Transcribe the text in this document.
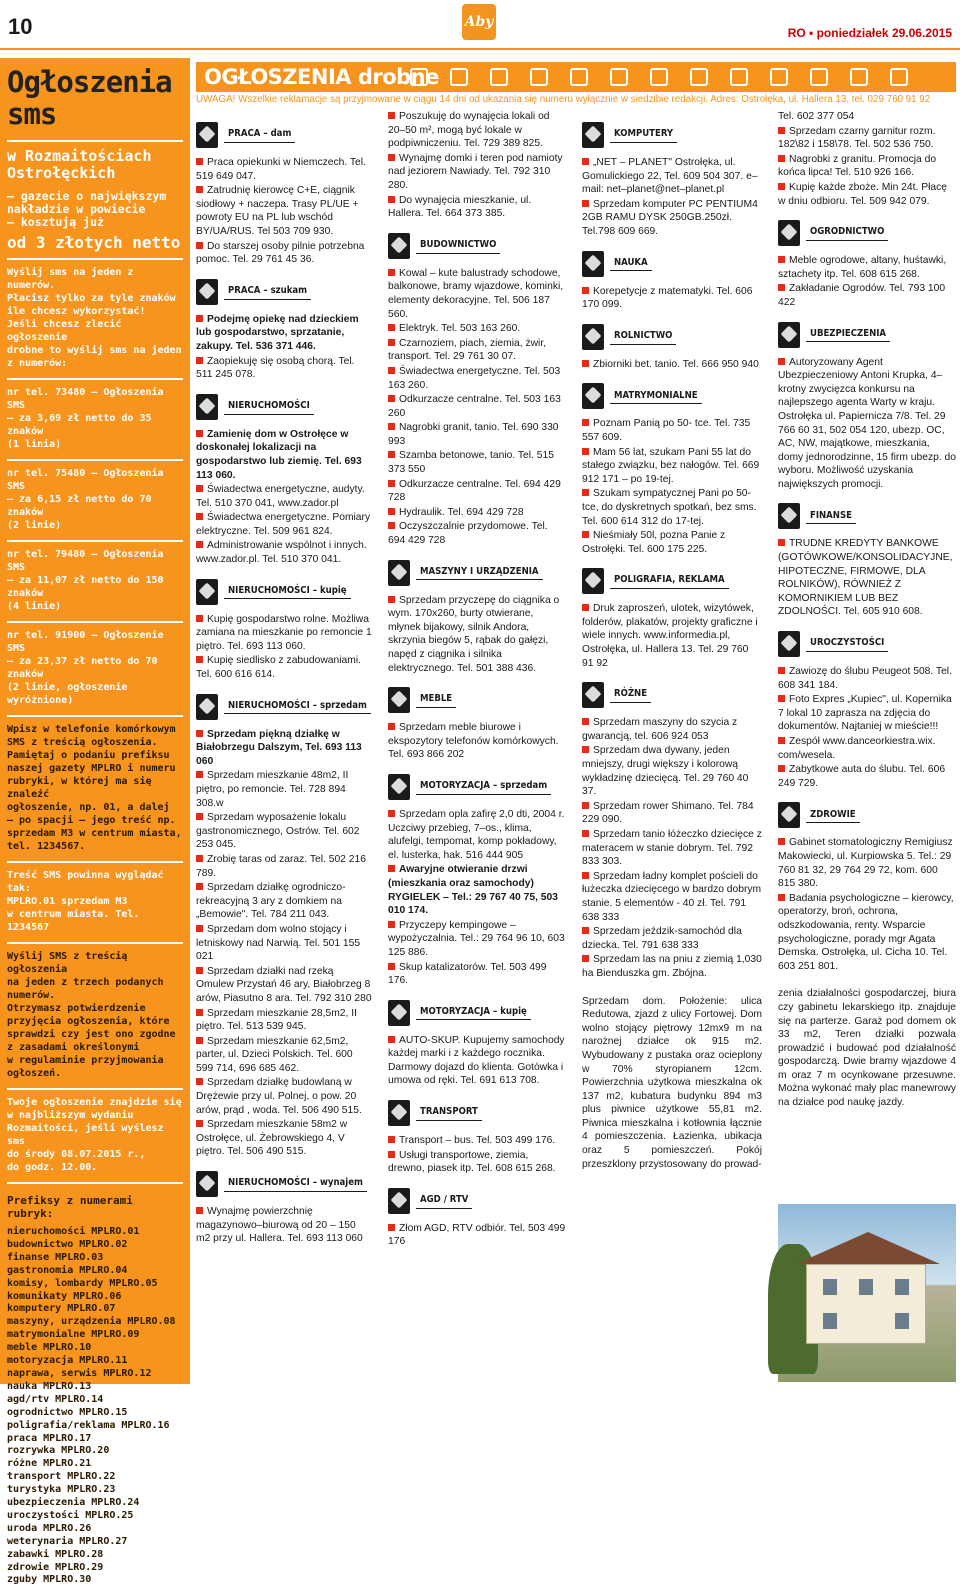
10	Aby
RO • poniedziałek 29.06.2015
Ogłoszenia sms
w Rozmaitościach
Ostrołęckich
– gazecie o największym
nakładzie w powiecie
– kosztują już
od 3 złotych netto

Wyślij sms na jeden z numerów.
Płacisz tylko za tyle znaków
ile chcesz wykorzystać!
Jeśli chcesz zlecić ogłoszenie
drobne to wyślij sms na jeden
z numerów:

nr tel. 73480 – Ogłoszenia SMS
– za 3,69 zł netto do 35 znaków
(1 linia)

nr tel. 75480 – Ogłoszenia SMS
– za 6,15 zł netto do 70 znaków
(2 linie)

nr tel. 79480 – Ogłoszenia SMS
– za 11,07 zł netto do 150 znaków
(4 linie)

nr tel. 91900 – Ogłoszenie SMS
– za 23,37 zł netto do 70 znaków
(2 linie, ogłoszenie wyróżnione)

Wpisz w telefonie komórkowym
SMS z treścią ogłoszenia.
Pamiętaj o podaniu prefiksu
naszej gazety MPLRO i numeru
rubryki, w której ma się znaleźć
ogłoszenie, np. 01, a dalej
– po spacji – jego treść np.
sprzedam M3 w centrum miasta,
tel. 1234567.

Treść SMS powinna wyglądać tak:
MPLRO.01 sprzedam M3
w centrum miasta. Tel. 1234567

Wyślij SMS z treścią ogłoszenia
na jeden z trzech podanych
numerów.
Otrzymasz potwierdzenie
przyjęcia ogłoszenia, które
sprawdzi czy jest ono zgodne
z zasadami określonymi
w regulaminie przyjmowania
ogłoszeń.

Twoje ogłoszenie znajdzie się
w najbliższym wydaniu
Rozmaitości, jeśli wyślesz sms
do środy 08.07.2015 r.,
do godz. 12.00.

Prefiksy z numerami rubryk:

nieruchomości MPLRO.01
budownictwo MPLRO.02
finanse MPLRO.03
gastronomia MPLRO.04
komisy, lombardy MPLRO.05
komunikaty MPLRO.06
komputery MPLRO.07
maszyny, urządzenia MPLRO.08
matrymonialne MPLRO.09
meble MPLRO.10
motoryzacja MPLRO.11
naprawa, serwis MPLRO.12
nauka MPLRO.13
agd/rtv MPLRO.14
ogrodnictwo MPLRO.15
poligrafia/reklama MPLRO.16
praca MPLRO.17
rozrywka MPLRO.20
różne MPLRO.21
transport MPLRO.22
turystyka MPLRO.23
ubezpieczenia MPLRO.24
uroczystości MPLRO.25
uroda MPLRO.26
weterynaria MPLRO.27
zabawki MPLRO.28
zdrowie MPLRO.29
zguby MPLRO.30
OGŁOSZENIA drobne
UWAGA! Wszelkie reklamacje są przyjmowane w ciągu 14 dni od ukazania się numeru wyłącznie w siedzibie redakcji. Adres: Ostrołęka, ul. Hallera 13, tel. 029 760 91 92
PRACA – dam
Praca opiekunki w Niemczech. Tel. 519 649 047.
Zatrudnię kierowcę C+E, ciągnik siodłowy + naczepa. Trasy PL/UE + powroty EU na PL lub wschód BY/UA/RUS. Tel 503 709 930.
Do starszej osoby pilnie potrzebna pomoc. Tel. 29 761 45 36.
PRACA – szukam
Podejmę opiekę nad dzieckiem lub gospodarstwo, sprzatanie, zakupy. Tel. 536 371 446.
Zaopiekuję się osobą chorą. Tel. 511 245 078.
NIERUCHOMOŚCI
Zamienię dom w Ostrołęce w doskonałej lokalizacji na gospodarstwo lub ziemię. Tel. 693 113 060.
Świadectwa energetyczne, audyty. Tel. 510 370 041, www.zador.pl
Świadectwa energetyczne. Pomiary elektryczne. Tel. 509 961 824.
Administrowanie wspólnot i innych. www.zador.pl. Tel. 510 370 041.
NIERUCHOMOŚCI – kupię
Kupię gospodarstwo rolne. Możliwa zamiana na mieszkanie po remoncie 1 piętro. Tel. 693 113 060.
Kupię siedlisko z zabudowaniami. Tel. 600 616 614.
NIERUCHOMOŚCI – sprzedam
Sprzedam piękną działkę w Białobrzegu Dalszym, Tel. 693 113 060
Sprzedam mieszkanie 48m2, II piętro, po remoncie. Tel. 728 894 308.w
Sprzedam wyposażenie lokalu gastronomicznego, Ostrów. Tel. 602 253 045.
Zrobię taras od zaraz. Tel. 502 216 789.
Sprzedam działkę ogrodniczo-rekreacyjną 3 ary z domkiem na „Bemowie". Tel. 784 211 043.
Sprzedam dom wolno stojący i letniskowy nad Narwią. Tel. 501 155 021
Sprzedam działki nad rzeką Omulew Przystań 46 ary, Białobrzeg 8 arów, Piasutno 8 ara. Tel. 792 310 280
Sprzedam mieszkanie 28,5m2, II piętro. Tel. 513 539 945.
Sprzedam mieszkanie 62,5m2, parter, ul. Dzieci Polskich. Tel. 600 599 714, 696 685 462.
Sprzedam działkę budowlaną w Drężewie przy ul. Polnej, o pow. 20 arów, prąd , woda. Tel. 506 490 515.
Sprzedam mieszkanie 58m2 w Ostrołęce, ul. Żebrowskiego 4, V piętro. Tel. 506 490 515.
NIERUCHOMOŚCI – wynajem
Wynajmę powierzchnię magazynowo–biurową od 20 – 150 m2 przy ul. Hallera. Tel. 693 113 060
Poszukuję do wynajęcia lokali od 20–50 m², mogą być lokale w podpiwniczeniu. Tel. 729 389 825.
Wynajmę domki i teren pod namioty nad jeziorem Nawiady. Tel. 792 310 280.
Do wynajęcia mieszkanie, ul. Hallera. Tel. 664 373 385.
BUDOWNICTWO
Kowal – kute balustrady schodowe, balkonowe, bramy wjazdowe, kominki, elementy dekoracyjne. Tel. 506 187 560.
Elektryk. Tel. 503 163 260.
Czarnoziem, piach, ziemia, żwir, transport. Tel. 29 761 30 07.
Świadectwa energetyczne. Tel. 503 163 260.
Odkurzacze centralne. Tel. 503 163 260
Nagrobki granit, tanio. Tel. 690 330 993
Szamba betonowe, tanio. Tel. 515 373 550
Odkurzacze centralne. Tel. 694 429 728
Hydraulik. Tel. 694 429 728
Oczyszczalnie przydomowe. Tel. 694 429 728
MASZYNY I URZĄDZENIA
Sprzedam przyczepę do ciągnika o wym. 170x260, burty otwierane, młynek bijakowy, silnik Andora, skrzynia biegów 5, rąbak do gałęzi, napęd z ciągnika i silnika elektrycznego. Tel. 501 388 436.
MEBLE
Sprzedam meble biurowe i ekspozytory telefonów komórkowych. Tel. 693 866 202
MOTORYZACJA – sprzedam
Sprzedam opla zafirę 2,0 dti, 2004 r. Uczciwy przebieg, 7–os., klima, alufelgi, tempomat, komp pokładowy, el. lusterka, hak. 516 444 905
Awaryjne otwieranie drzwi (mieszkania oraz samochody) RYGIELEK – Tel.: 29 767 40 75, 503 010 174.
Przyczepy kempingowe – wypożyczalnia. Tel.: 29 764 96 10, 603 125 886.
Skup katalizatorów. Tel. 503 499 176.
MOTORYZACJA – kupię
AUTO-SKUP. Kupujemy samochody każdej marki i z każdego rocznika. Darmowy dojazd do klienta. Gotówka i umowa od ręki. Tel. 691 613 708.
TRANSPORT
Transport – bus. Tel. 503 499 176.
Usługi transportowe, ziemia, drewno, piasek itp. Tel. 608 615 268.
AGD / RTV
Złom AGD, RTV odbiór. Tel. 503 499 176
KOMPUTERY
„NET – PLANET" Ostrołęka, ul. Gomulickiego 22, Tel. 609 504 307. e–mail: net–planet@net–planet.pl
Sprzedam komputer PC PENTIUM4 2GB RAMU DYSK 250GB.250zł. Tel.798 609 669.
NAUKA
Korepetycje z matematyki. Tel. 606 170 099.
ROLNICTWO
Zbiorniki bet. tanio. Tel. 666 950 940
MATRYMONIALNE
Poznam Panią po 50- tce. Tel. 735 557 609.
Mam 56 lat, szukam Pani 55 lat do stałego związku, bez nałogów. Tel. 669 912 171 – po 19-tej.
Szukam sympatycznej Pani po 50-tce, do dyskretnych spotkań, bez sms. Tel. 600 614 312 do 17-tej.
Nieśmiały 50l, pozna Panie z Ostrołęki. Tel. 600 175 225.
POLIGRAFIA, REKLAMA
Druk zaproszeń, ulotek, wizytówek, folderów, plakatów, projekty graficzne i wiele innych. www.informedia.pl, Ostrołęka, ul. Hallera 13. Tel. 29 760 91 92
RÓŻNE
Sprzedam maszyny do szycia z gwarancją, tel. 606 924 053
Sprzedam dwa dywany, jeden mniejszy, drugi większy i kolorową wykładzinę dziecięcą. Tel. 29 760 40 37.
Sprzedam rower Shimano. Tel. 784 229 090.
Sprzedam tanio łóżeczko dziecięce z materacem w stanie dobrym. Tel. 792 833 303.
Sprzedam ładny komplet pościeli do łużeczka dziecięcego w bardzo dobrym stanie. 5 elementów - 40 zł. Tel. 791 638 333
Sprzedam jeździk-samochód dla dziecka. Tel. 791 638 333
Sprzedam las na pniu z ziemią 1,030 ha Bienduszka gm. Zbójna.
Sprzedam dom. Położenie: ulica Redutowa, zjazd z ulicy Fortowej. Dom wolno stojący piętrowy 12mx9 m na narożnej działce ok 915 m2. Wybudowany z pustaka oraz ocieplony w 70% styropianem 12cm. Powierzchnia użytkowa mieszkalna ok 137 m2, kubatura budynku 894 m3 plus piwnice użytkowe 55,81 m2. Piwnica mieszkalna i kotłownia łącznie 4 pomieszczenia. Łazienka, ubikacja oraz 5 pomieszczeń. Pokój przeszklony przystosowany do prowad-
Tel. 602 377 054
Sprzedam czarny garnitur rozm. 182\82 i 158\78. Tel. 502 536 750.
Nagrobki z granitu. Promocja do końca lipca! Tel. 510 926 166.
Kupię każde zboże. Min 24t. Płacę w dniu odbioru. Tel. 509 942 079.
OGRODNICTWO
Meble ogrodowe, altany, huśtawki, sztachety itp. Tel. 608 615 268.
Zakładanie Ogrodów. Tel. 793 100 422
UBEZPIECZENIA
Autoryzowany Agent Ubezpieczeniowy Antoni Krupka, 4–krotny zwycięzca konkursu na najlepszego agenta Warty w kraju. Ostrołęka ul. Papiernicza 7/8. Tel. 29 766 60 31, 502 054 120, ubezp. OC, AC, NW, majątkowe, mieszkania, domy jednorodzinne, 15 firm ubezp. do wyboru. Możliwość uzyskania największych promocji.
FINANSE
TRUDNE KREDYTY BANKOWE (GOTÓWKOWE/KONSOLIDACYJNE, HIPOTECZNE, FIRMOWE, DLA ROLNIKÓW), RÓWNIEŻ Z KOMORNIKIEM LUB BEZ ZDOLNOŚCI. Tel. 605 910 608.
UROCZYSTOŚCI
Zawiozę do ślubu Peugeot 508. Tel. 608 341 184.
Foto Expres „Kupiec", ul. Kopernika 7 lokal 10 zaprasza na zdjęcia do dokumentów. Najtaniej w mieście!!!
Zespół www.danceorkiestra.wix. com/wesela.
Zabytkowe auta do ślubu. Tel. 606 249 729.
ZDROWIE
Gabinet stomatologiczny Remigiusz Makowiecki, ul. Kurpiowska 5. Tel.: 29 760 81 32, 29 764 29 72, kom. 600 815 380.
Badania psychologiczne – kierowcy, operatorzy, broń, ochrona, odszkodowania, renty. Wsparcie psychologiczne, porady mgr Agata Demska. Ostrołęka, ul. Cicha 10. Tel. 603 251 801.
zenia działalności gospodarczej, biura czy gabinetu lekarskiego itp. znajduje się na parterze. Garaż pod domem ok 33 m2, Teren działki pozwala prowadzić i budować pod działalność gospodarczą. Dwie bramy wjazdowe 4 m oraz 7 m ocynkowane przesuwne. Można wykonać mały plac manewrowy na działce pod naukę jazdy.
